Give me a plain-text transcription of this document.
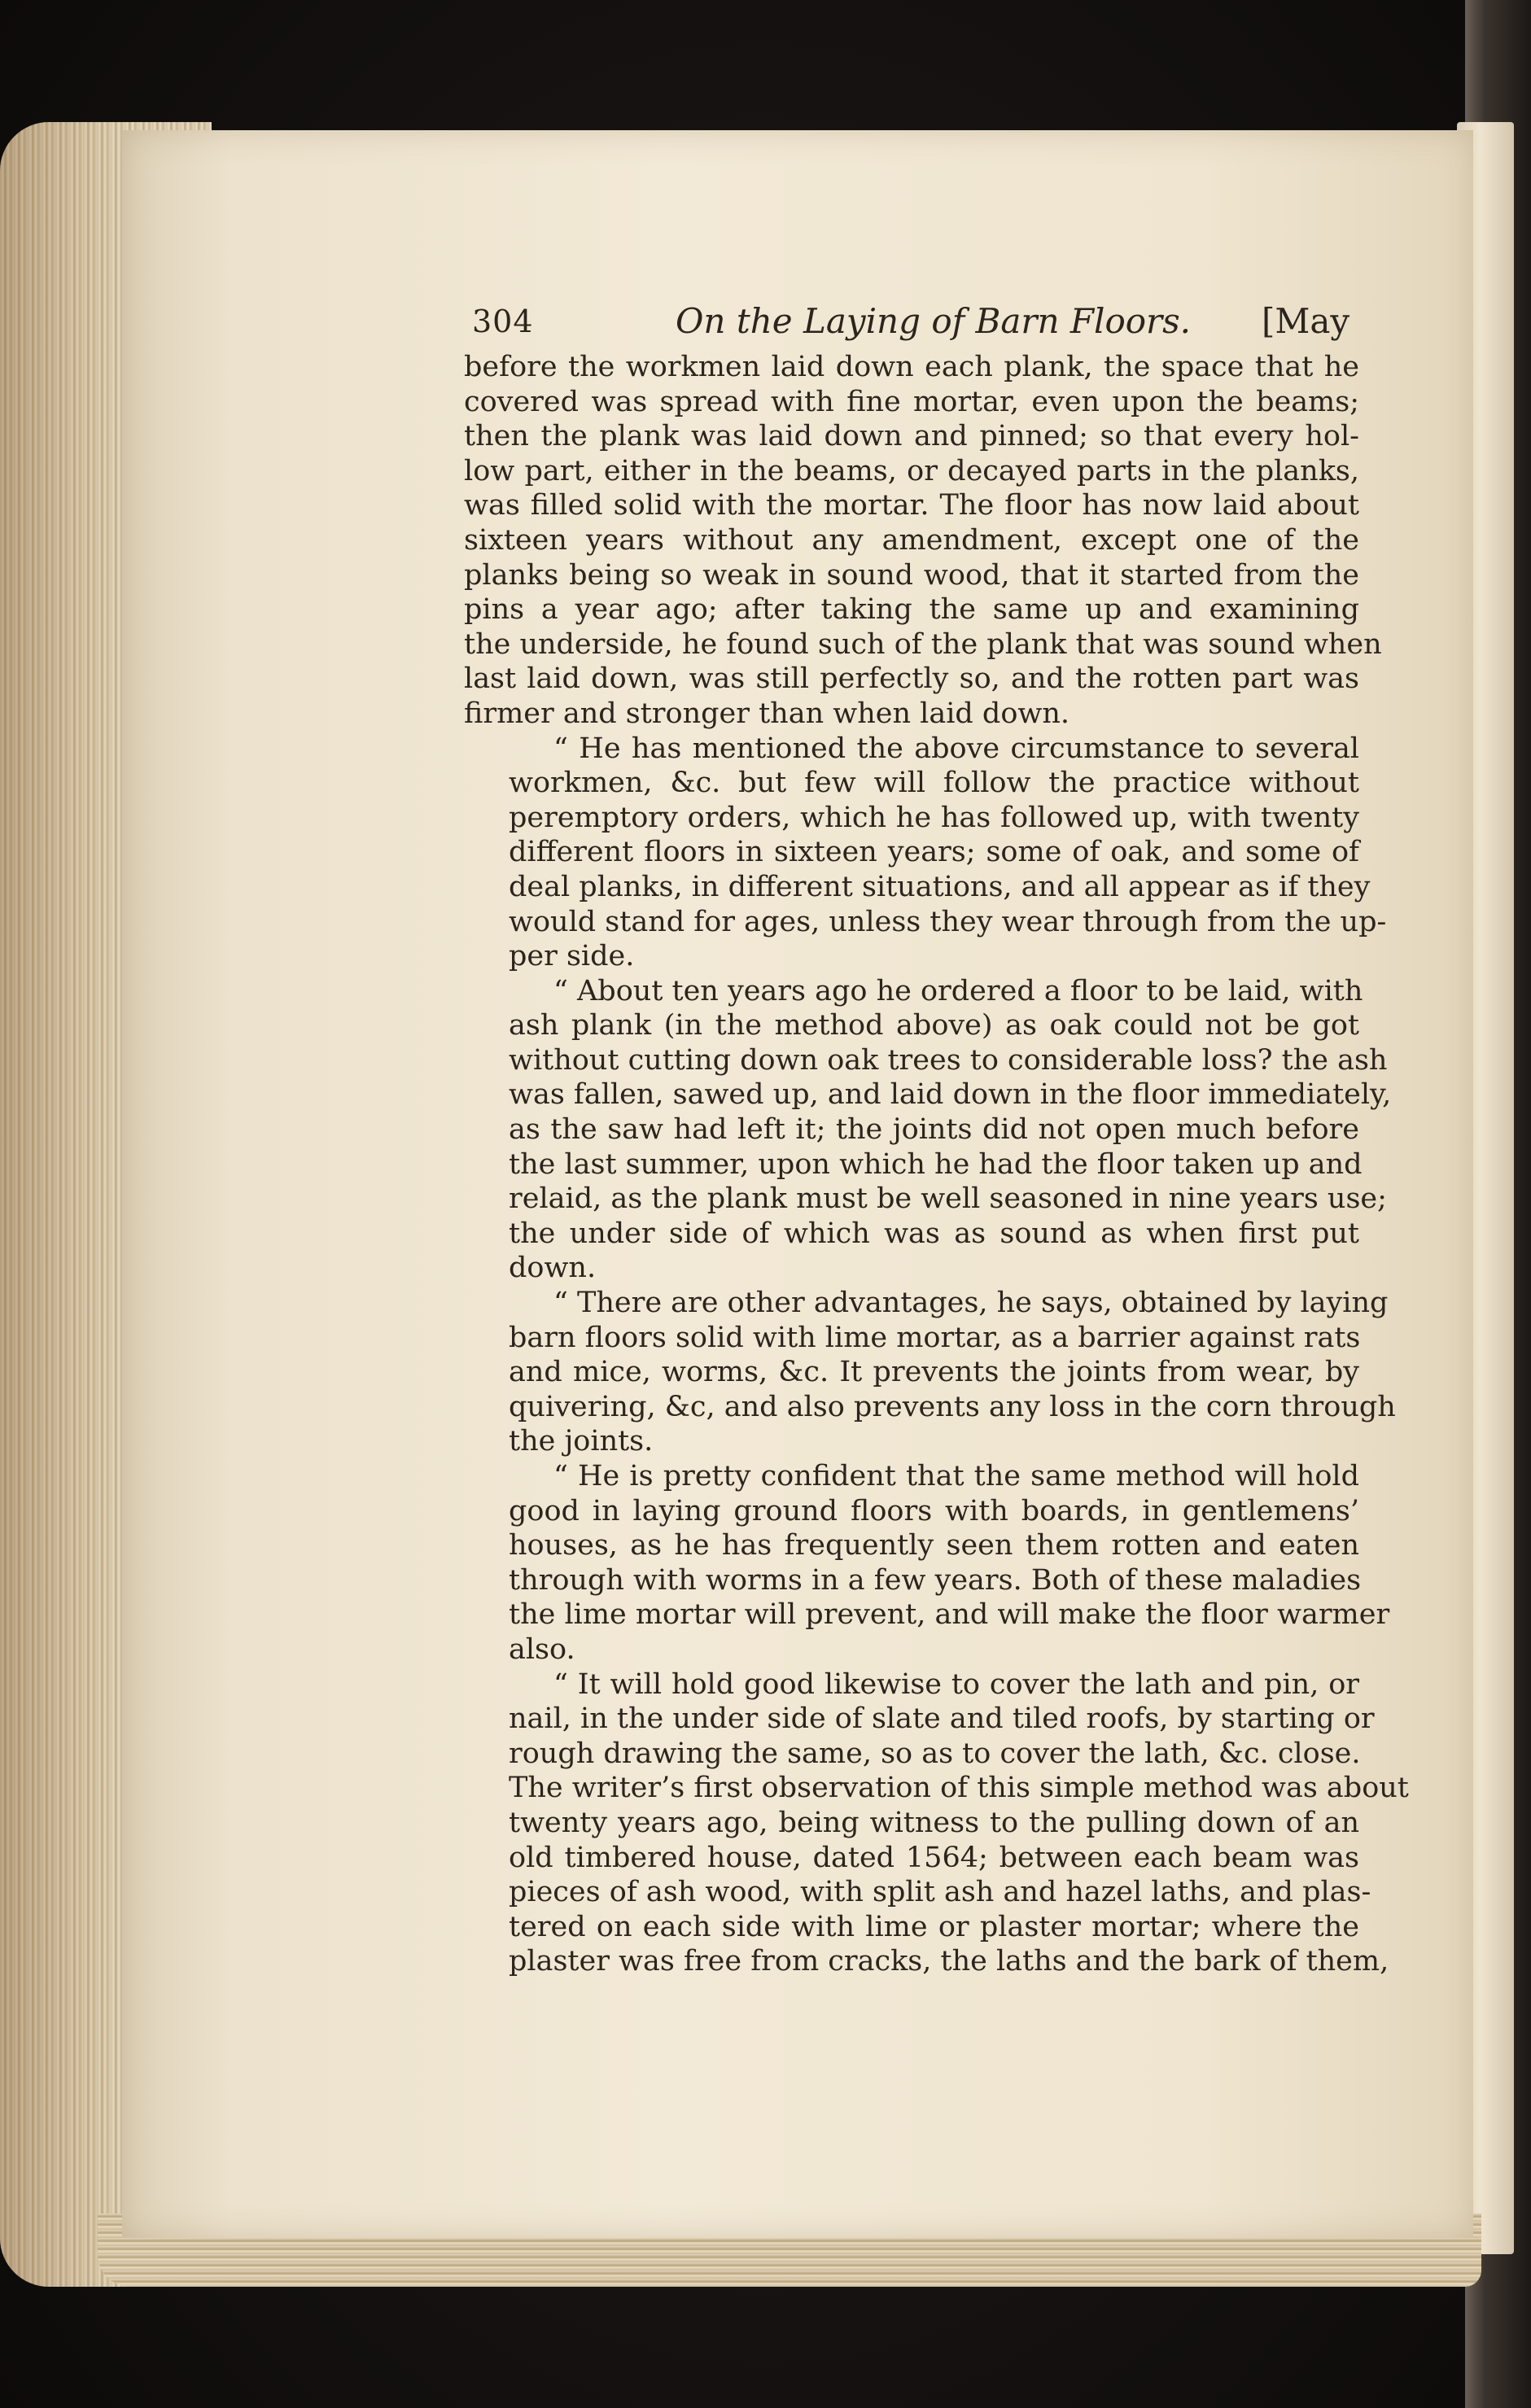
304	On the Laying of Barn Floors. [May

before the workmen laid down each plank, the space that he
covered was spread with fine mortar, even upon the beams;
then the plank was laid down and pinned; so that every hol-
low part, either in the beams, or decayed parts in the planks,
was filled solid with the mortar. The floor has now laid about
sixteen years without any amendment, except one of the
planks being so weak in sound wood, that it started from the
pins a year ago; after taking the same up and examining
the underside, he found such of the plank that was sound when
last laid down, was still perfectly so, and the rotten part was
firmer and stronger than when laid down.

“ He has mentioned the above circumstance to several
workmen, &c. but few will follow the practice without
peremptory orders, which he has followed up, with twenty
different floors in sixteen years; some of oak, and some of
deal planks, in different situations, and all appear as if they
would stand for ages, unless they wear through from the up-
per side.

“ About ten years ago he ordered a floor to be laid, with
ash plank (in the method above) as oak could not be got
without cutting down oak trees to considerable loss? the ash
was fallen, sawed up, and laid down in the floor immediately,
as the saw had left it; the joints did not open much before
the last summer, upon which he had the floor taken up and
relaid, as the plank must be well seasoned in nine years use;
the under side of which was as sound as when first put
down.

“ There are other advantages, he says, obtained by laying
barn floors solid with lime mortar, as a barrier against rats
and mice, worms, &c. It prevents the joints from wear, by
quivering, &c, and also prevents any loss in the corn through
the joints.

“ He is pretty confident that the same method will hold
good in laying ground floors with boards, in gentlemens’
houses, as he has frequently seen them rotten and eaten
through with worms in a few years. Both of these maladies
the lime mortar will prevent, and will make the floor warmer
also.

“ It will hold good likewise to cover the lath and pin, or
nail, in the under side of slate and tiled roofs, by starting or
rough drawing the same, so as to cover the lath, &c. close.
The writer’s first observation of this simple method was about
twenty years ago, being witness to the pulling down of an
old timbered house, dated 1564; between each beam was
pieces of ash wood, with split ash and hazel laths, and plas-
tered on each side with lime or plaster mortar; where the
plaster was free from cracks, the laths and the bark of them,
